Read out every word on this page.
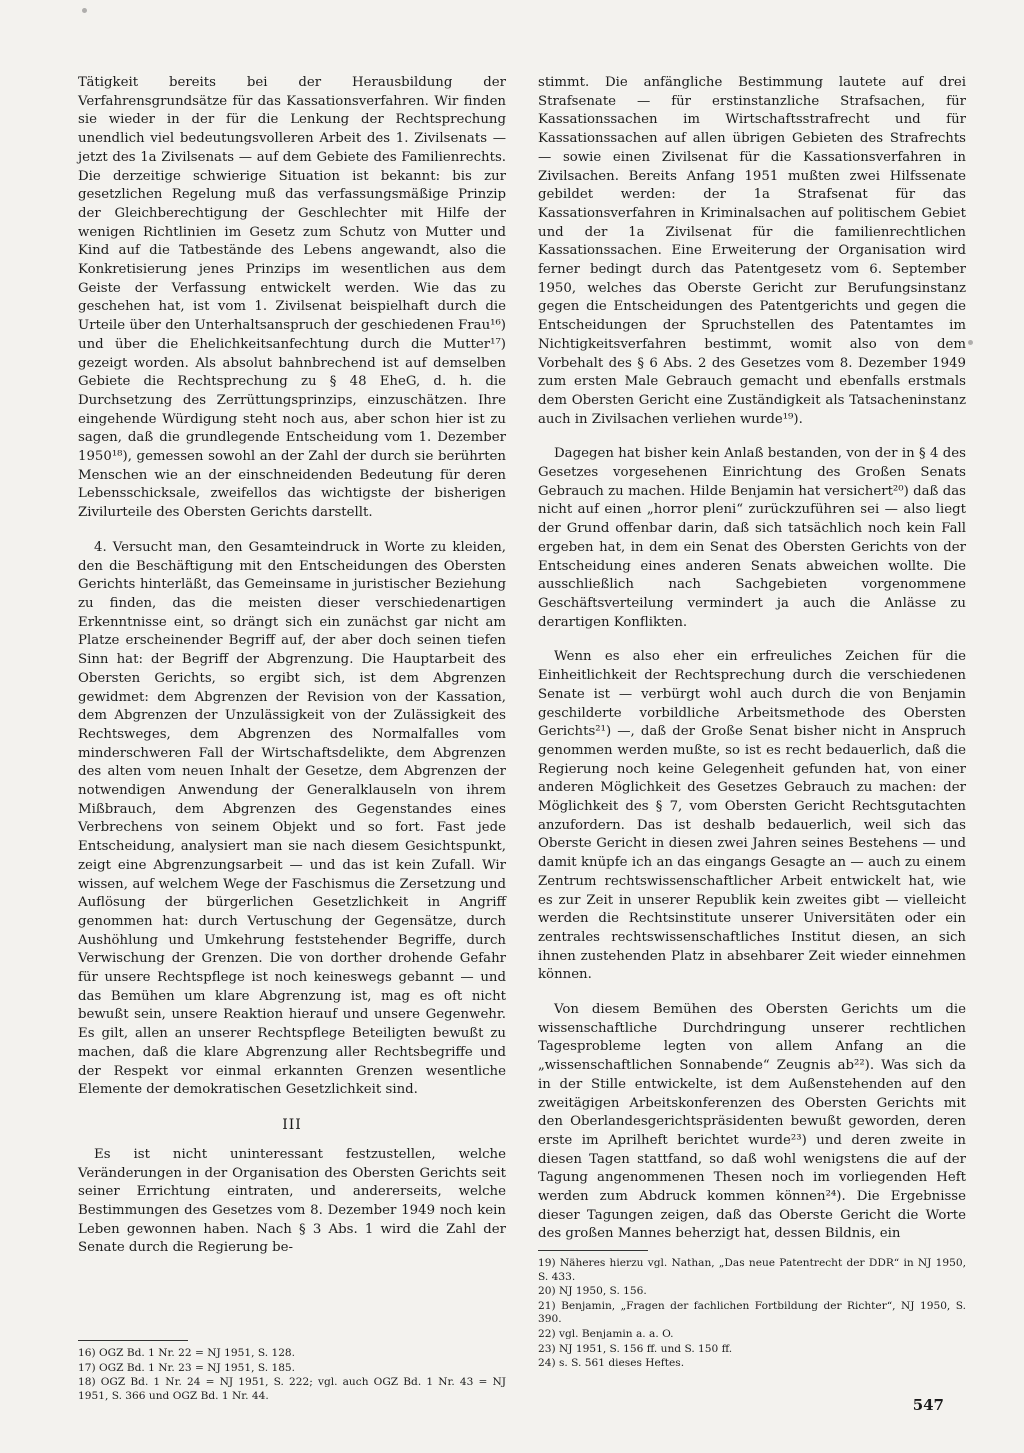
Tätigkeit bereits bei der Herausbildung der Verfahrensgrundsätze für das Kassationsverfahren. Wir finden sie wieder in der für die Lenkung der Rechtsprechung unendlich viel bedeutungsvolleren Arbeit des 1. Zivilsenats — jetzt des 1a Zivilsenats — auf dem Gebiete des Familienrechts. Die derzeitige schwierige Situation ist bekannt: bis zur gesetzlichen Regelung muß das verfassungsmäßige Prinzip der Gleichberechtigung der Geschlechter mit Hilfe der wenigen Richtlinien im Gesetz zum Schutz von Mutter und Kind auf die Tatbestände des Lebens angewandt, also die Konkretisierung jenes Prinzips im wesentlichen aus dem Geiste der Verfassung entwickelt werden. Wie das zu geschehen hat, ist vom 1. Zivilsenat beispielhaft durch die Urteile über den Unterhaltsanspruch der geschiedenen Frau¹⁶) und über die Ehelichkeitsanfechtung durch die Mutter¹⁷) gezeigt worden. Als absolut bahnbrechend ist auf demselben Gebiete die Rechtsprechung zu § 48 EheG, d. h. die Durchsetzung des Zerrüttungsprinzips, einzuschätzen. Ihre eingehende Würdigung steht noch aus, aber schon hier ist zu sagen, daß die grundlegende Entscheidung vom 1. Dezember 1950¹⁸), gemessen sowohl an der Zahl der durch sie berührten Menschen wie an der einschneidenden Bedeutung für deren Lebensschicksale, zweifellos das wichtigste der bisherigen Zivilurteile des Obersten Gerichts darstellt.

4. Versucht man, den Gesamteindruck in Worte zu kleiden, den die Beschäftigung mit den Entscheidungen des Obersten Gerichts hinterläßt, das Gemeinsame in juristischer Beziehung zu finden, das die meisten dieser verschiedenartigen Erkenntnisse eint, so drängt sich ein zunächst gar nicht am Platze erscheinender Begriff auf, der aber doch seinen tiefen Sinn hat: der Begriff der Abgrenzung. Die Hauptarbeit des Obersten Gerichts, so ergibt sich, ist dem Abgrenzen gewidmet: dem Abgrenzen der Revision von der Kassation, dem Abgrenzen der Unzulässigkeit von der Zulässigkeit des Rechtsweges, dem Abgrenzen des Normalfalles vom minderschweren Fall der Wirtschaftsdelikte, dem Abgrenzen des alten vom neuen Inhalt der Gesetze, dem Abgrenzen der notwendigen Anwendung der Generalklauseln von ihrem Mißbrauch, dem Abgrenzen des Gegenstandes eines Verbrechens von seinem Objekt und so fort. Fast jede Entscheidung, analysiert man sie nach diesem Gesichtspunkt, zeigt eine Abgrenzungsarbeit — und das ist kein Zufall. Wir wissen, auf welchem Wege der Faschismus die Zersetzung und Auflösung der bürgerlichen Gesetzlichkeit in Angriff genommen hat: durch Vertuschung der Gegensätze, durch Aushöhlung und Umkehrung feststehender Begriffe, durch Verwischung der Grenzen. Die von dorther drohende Gefahr für unsere Rechtspflege ist noch keineswegs gebannt — und das Bemühen um klare Abgrenzung ist, mag es oft nicht bewußt sein, unsere Reaktion hierauf und unsere Gegenwehr. Es gilt, allen an unserer Rechtspflege Beteiligten bewußt zu machen, daß die klare Abgrenzung aller Rechtsbegriffe und der Respekt vor einmal erkannten Grenzen wesentliche Elemente der demokratischen Gesetzlichkeit sind.

III

Es ist nicht uninteressant festzustellen, welche Veränderungen in der Organisation des Obersten Gerichts seit seiner Errichtung eintraten, und andererseits, welche Bestimmungen des Gesetzes vom 8. Dezember 1949 noch kein Leben gewonnen haben. Nach § 3 Abs. 1 wird die Zahl der Senate durch die Regierung be-

stimmt. Die anfängliche Bestimmung lautete auf drei Strafsenate — für erstinstanzliche Strafsachen, für Kassationssachen im Wirtschaftsstrafrecht und für Kassationssachen auf allen übrigen Gebieten des Strafrechts — sowie einen Zivilsenat für die Kassationsverfahren in Zivilsachen. Bereits Anfang 1951 mußten zwei Hilfssenate gebildet werden: der 1a Strafsenat für das Kassationsverfahren in Kriminalsachen auf politischem Gebiet und der 1a Zivilsenat für die familienrechtlichen Kassationssachen. Eine Erweiterung der Organisation wird ferner bedingt durch das Patentgesetz vom 6. September 1950, welches das Oberste Gericht zur Berufungsinstanz gegen die Entscheidungen des Patentgerichts und gegen die Entscheidungen der Spruchstellen des Patentamtes im Nichtigkeitsverfahren bestimmt, womit also von dem Vorbehalt des § 6 Abs. 2 des Gesetzes vom 8. Dezember 1949 zum ersten Male Gebrauch gemacht und ebenfalls erstmals dem Obersten Gericht eine Zuständigkeit als Tatsacheninstanz auch in Zivilsachen verliehen wurde¹⁹).

Dagegen hat bisher kein Anlaß bestanden, von der in § 4 des Gesetzes vorgesehenen Einrichtung des Großen Senats Gebrauch zu machen. Hilde Benjamin hat versichert²⁰) daß das nicht auf einen „horror pleni“ zurückzuführen sei — also liegt der Grund offenbar darin, daß sich tatsächlich noch kein Fall ergeben hat, in dem ein Senat des Obersten Gerichts von der Entscheidung eines anderen Senats abweichen wollte. Die ausschließlich nach Sachgebieten vorgenommene Geschäftsverteilung vermindert ja auch die Anlässe zu derartigen Konflikten.

Wenn es also eher ein erfreuliches Zeichen für die Einheitlichkeit der Rechtsprechung durch die verschiedenen Senate ist — verbürgt wohl auch durch die von Benjamin geschilderte vorbildliche Arbeitsmethode des Obersten Gerichts²¹) —, daß der Große Senat bisher nicht in Anspruch genommen werden mußte, so ist es recht bedauerlich, daß die Regierung noch keine Gelegenheit gefunden hat, von einer anderen Möglichkeit des Gesetzes Gebrauch zu machen: der Möglichkeit des § 7, vom Obersten Gericht Rechtsgutachten anzufordern. Das ist deshalb bedauerlich, weil sich das Oberste Gericht in diesen zwei Jahren seines Bestehens — und damit knüpfe ich an das eingangs Gesagte an — auch zu einem Zentrum rechtswissenschaftlicher Arbeit entwickelt hat, wie es zur Zeit in unserer Republik kein zweites gibt — vielleicht werden die Rechtsinstitute unserer Universitäten oder ein zentrales rechtswissenschaftliches Institut diesen, an sich ihnen zustehenden Platz in absehbarer Zeit wieder einnehmen können.

Von diesem Bemühen des Obersten Gerichts um die wissenschaftliche Durchdringung unserer rechtlichen Tagesprobleme legten von allem Anfang an die „wissenschaftlichen Sonnabende“ Zeugnis ab²²). Was sich da in der Stille entwickelte, ist dem Außenstehenden auf den zweitägigen Arbeitskonferenzen des Obersten Gerichts mit den Oberlandesgerichtspräsidenten bewußt geworden, deren erste im Aprilheft berichtet wurde²³) und deren zweite in diesen Tagen stattfand, so daß wohl wenigstens die auf der Tagung angenommenen Thesen noch im vorliegenden Heft werden zum Abdruck kommen können²⁴). Die Ergebnisse dieser Tagungen zeigen, daß das Oberste Gericht die Worte des großen Mannes beherzigt hat, dessen Bildnis, ein

16) OGZ Bd. 1 Nr. 22 = NJ 1951, S. 128.
17) OGZ Bd. 1 Nr. 23 = NJ 1951, S. 185.
18) OGZ Bd. 1 Nr. 24 = NJ 1951, S. 222; vgl. auch OGZ Bd. 1 Nr. 43 = NJ 1951, S. 366 und OGZ Bd. 1 Nr. 44.
19) Näheres hierzu vgl. Nathan, „Das neue Patentrecht der DDR“ in NJ 1950, S. 433.
20) NJ 1950, S. 156.
21) Benjamin, „Fragen der fachlichen Fortbildung der Richter“, NJ 1950, S. 390.
22) vgl. Benjamin a. a. O.
23) NJ 1951, S. 156 ff. und S. 150 ff.
24) s. S. 561 dieses Heftes.
547
